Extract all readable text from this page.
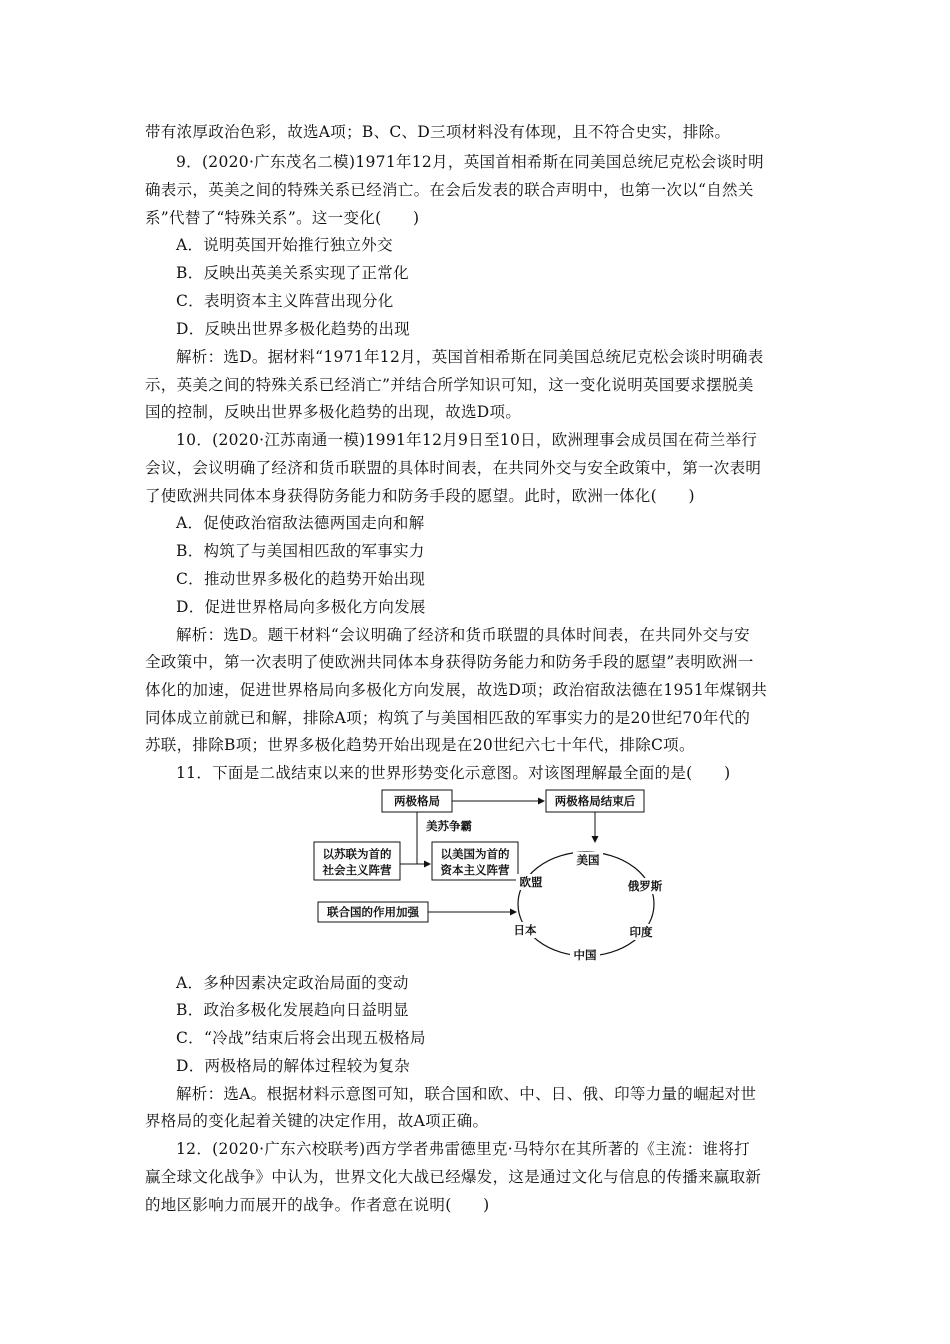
带有浓厚政治色彩，故选A项；B、C、D三项材料没有体现，且不符合史实，排除。
9．(2020·广东茂名二模)1971年12月，英国首相希斯在同美国总统尼克松会谈时明
确表示，英美之间的特殊关系已经消亡。在会后发表的联合声明中，也第一次以“自然关
系”代替了“特殊关系”。这一变化(　　)
A．说明英国开始推行独立外交
B．反映出英美关系实现了正常化
C．表明资本主义阵营出现分化
D．反映出世界多极化趋势的出现
解析：选D。据材料“1971年12月，英国首相希斯在同美国总统尼克松会谈时明确表
示，英美之间的特殊关系已经消亡”并结合所学知识可知，这一变化说明英国要求摆脱美
国的控制，反映出世界多极化趋势的出现，故选D项。
10．(2020·江苏南通一模)1991年12月9日至10日，欧洲理事会成员国在荷兰举行
会议，会议明确了经济和货币联盟的具体时间表，在共同外交与安全政策中，第一次表明
了使欧洲共同体本身获得防务能力和防务手段的愿望。此时，欧洲一体化(　　)
A．促使政治宿敌法德两国走向和解
B．构筑了与美国相匹敌的军事实力
C．推动世界多极化的趋势开始出现
D．促进世界格局向多极化方向发展
解析：选D。题干材料“会议明确了经济和货币联盟的具体时间表，在共同外交与安
全政策中，第一次表明了使欧洲共同体本身获得防务能力和防务手段的愿望”表明欧洲一
体化的加速，促进世界格局向多极化方向发展，故选D项；政治宿敌法德在1951年煤钢共
同体成立前就已和解，排除A项；构筑了与美国相匹敌的军事实力的是20世纪70年代的
苏联，排除B项；世界多极化趋势开始出现是在20世纪六七十年代，排除C项。
11．下面是二战结束以来的世界形势变化示意图。对该图理解最全面的是(　　)
两极格局	两极格局结束后
美苏争霸
以苏联为首的
社会主义阵营
以美国为首的
资本主义阵营
联合国的作用加强
美国
欧盟	俄罗斯
日本	印度
中国
A．多种因素决定政治局面的变动
B．政治多极化发展趋向日益明显
C．“冷战”结束后将会出现五极格局
D．两极格局的解体过程较为复杂
解析：选A。根据材料示意图可知，联合国和欧、中、日、俄、印等力量的崛起对世
界格局的变化起着关键的决定作用，故A项正确。
12．(2020·广东六校联考)西方学者弗雷德里克·马特尔在其所著的《主流：谁将打
赢全球文化战争》中认为，世界文化大战已经爆发，这是通过文化与信息的传播来赢取新
的地区影响力而展开的战争。作者意在说明(　　)
